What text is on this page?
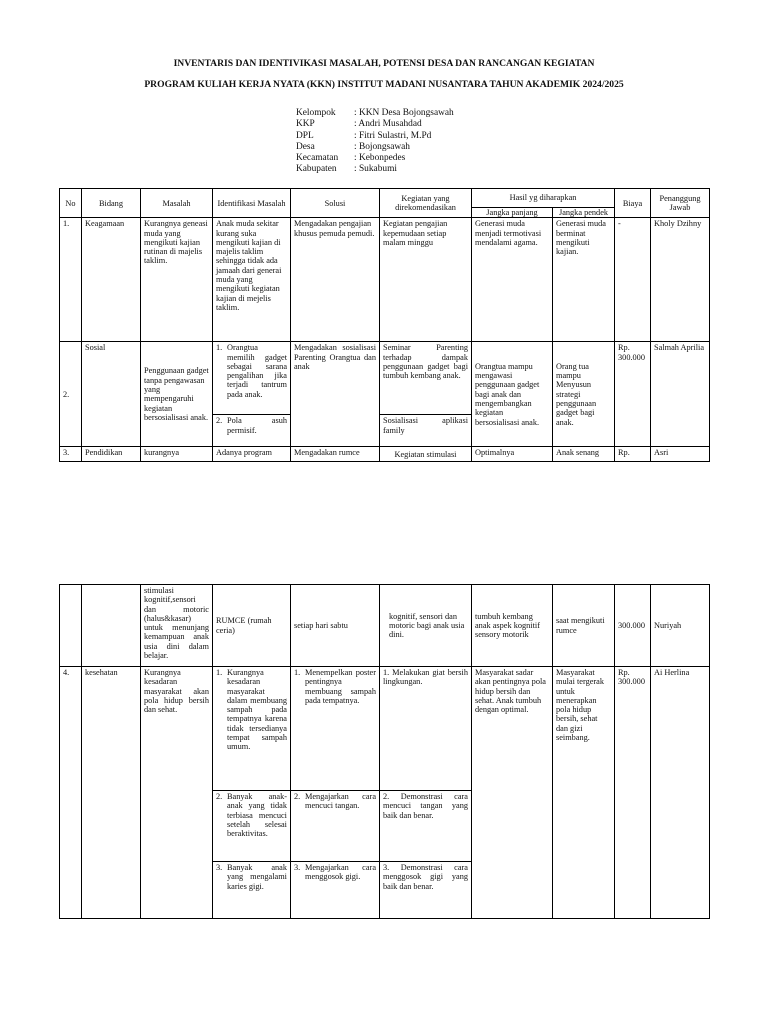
INVENTARIS DAN IDENTIVIKASI MASALAH, POTENSI DESA DAN RANCANGAN KEGIATAN
PROGRAM KULIAH KERJA NYATA (KKN) INSTITUT MADANI NUSANTARA TAHUN AKADEMIK 2024/2025
Kelompok	: KKN Desa Bojongsawah
KKP	: Andri Musahdad
DPL	: Fitri Sulastri, M.Pd
Desa	: Bojongsawah
Kecamatan	: Kebonpedes
Kabupaten	: Sukabumi
No	Bidang	Masalah	Identifikasi Masalah	Solusi	Kegiatan yang direkomendasikan	Hasil yg diharapkan		Biaya	Penanggung Jawab
						Jangka panjang	Jangka pendek		
1.	Keagamaan	Kurangnya geneasi muda yang mengikuti kajian rutinan di majelis taklim.	Anak muda sekitar kurang suka mengikuti kajian di majelis taklim sehingga tidak ada jamaah dari generai muda yang mengikuti kegiatan kajian di mejelis taklim.	Mengadakan pengajian khusus pemuda pemudi.	Kegiatan pengajian kepemudaan setiap malam minggu	Generasi muda menjadi termotivasi mendalami agama.	Generasi muda berminat mengikuti kajian.	-	Kholy Dzihny
2.	Sosial	Penggunaan gadget tanpa pengawasan yang mempengaruhi kegiatan bersosialisasi anak.	1. Orangtua memilih gadget sebagai sarana pengalihan jika terjadi tantrum pada anak.	Mengadakan sosialisasi Parenting Orangtua dan anak	Seminar Parenting terhadap dampak penggunaan gadget bagi tumbuh kembang anak.	Orangtua mampu mengawasi penggunaan gadget bagi anak dan mengembangkan kegiatan bersosialisasi anak.	Orang tua mampu Menyusun strategi penggunaan gadget bagi anak.	Rp. 300.000	Salmah Aprilia

			2. Pola asuh permisif.		Sosialisasi aplikasi family				
3.	Pendidikan	kurangnya	Adanya program	Mengadakan rumce	Kegiatan stimulasi	Optimalnya	Anak senang	Rp.	Asri
		stimulasi kognitif,sensori dan motoric (halus&kasar) untuk menunjang kemampuan anak usia dini dalam belajar.	RUMCE (rumah ceria)	setiap hari sabtu	kognitif, sensori dan motoric bagi anak usia dini.	tumbuh kembang anak aspek kognitif sensory motorik	saat mengikuti rumce	300.000	Nuriyah
4.	kesehatan	Kurangnya kesadaran masyarakat akan pola hidup bersih dan sehat.	1. Kurangnya kesadaran masyarakat dalam membuang sampah pada tempatnya karena tidak tersedianya tempat sampah umum.	1. Menempelkan poster pentingnya membuang sampah pada tempatnya.	1. Melakukan giat bersih lingkungan.	Masyarakat sadar akan pentingnya pola hidup bersih dan sehat. Anak tumbuh dengan optimal.	Masyarakat mulai tergerak untuk menerapkan pola hidup bersih, sehat dan gizi seimbang.	Rp. 300.000	Ai Herlina

			2. Banyak anak-anak yang tidak terbiasa mencuci setelah selesai beraktivitas.	2. Mengajarkan cara mencuci tangan.	2. Demonstrasi cara mencuci tangan yang baik dan benar.				

			3. Banyak anak yang mengalami karies gigi.	3. Mengajarkan cara menggosok gigi.	3. Demonstrasi cara menggosok gigi yang baik dan benar.				
